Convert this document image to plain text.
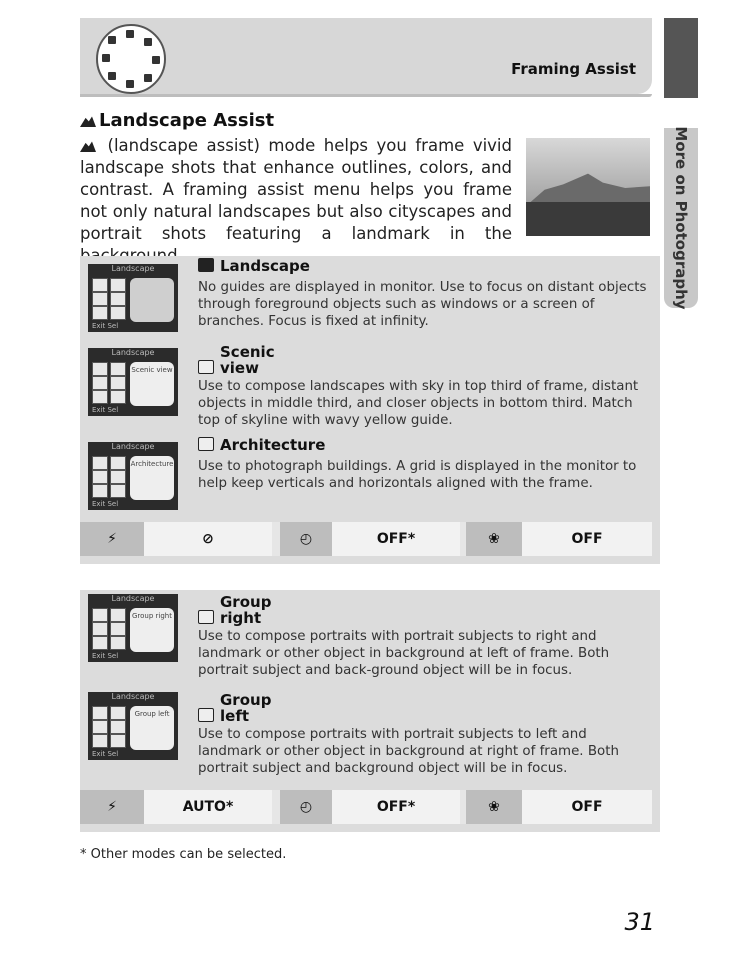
Framing Assist
More on Photography
Landscape Assist
(landscape assist) mode helps you frame vivid landscape shots that enhance outlines, colors, and contrast. A framing assist menu helps you frame not only natural landscapes but also cityscapes and portrait shots featuring a landmark in the
Landscape
Exit Sel
Landscape
Scenic view
Exit Sel
Landscape
Architecture
Exit Sel
Landscape
No guides are displayed in monitor. Use to focus on distant objects through foreground objects such as windows or a screen of branches. Focus is fixed at infinity.
Scenic view
Use to compose landscapes with sky in top third of frame, distant objects in middle third, and closer objects in bottom third. Match top of skyline with wavy yellow guide.
Architecture
Use to photograph buildings. A grid is displayed in the monitor to help keep verticals and horizontals aligned with the frame.
⚡	⊘	◴	OFF*	❀	OFF
Landscape
Group right
Exit Sel
Landscape
Group left
Exit Sel
Group right
Use to compose portraits with portrait subjects to right and landmark or other object in background at left of frame. Both portrait subject and back-ground object will be in focus.
Group left
Use to compose portraits with portrait subjects to left and landmark or other object in background at right of frame. Both portrait subject and background object will be in focus.
⚡	AUTO*	◴	OFF*	❀	OFF
* Other modes can be selected.
31
